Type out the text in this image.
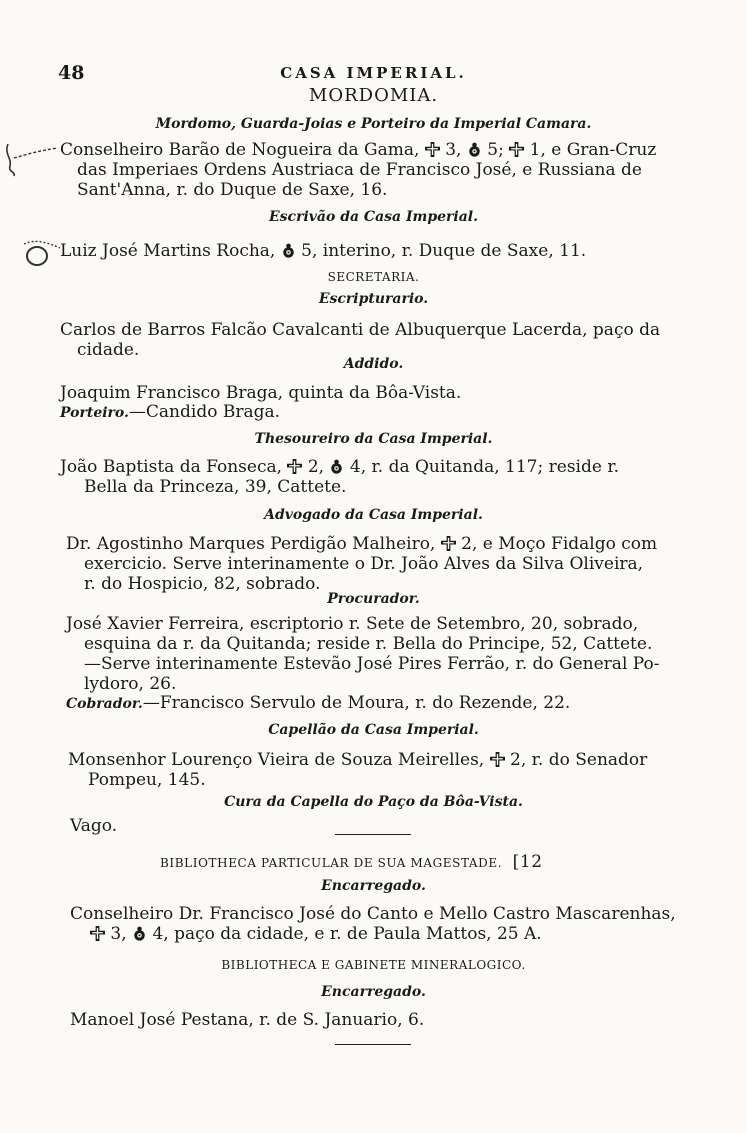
48	CASA IMPERIAL.
MORDOMIA.
Mordomo, Guarda-Joias e Porteiro da Imperial Camara.
Conselheiro Barão de Nogueira da Gama, 3, 5; 1, e Gran-Cruz
das Imperiaes Ordens Austriaca de Francisco José, e Russiana de
Sant'Anna, r. do Duque de Saxe, 16.
Escrivão da Casa Imperial.
Luiz José Martins Rocha, 5, interino, r. Duque de Saxe, 11.
SECRETARIA.
Escripturario.
Carlos de Barros Falcão Cavalcanti de Albuquerque Lacerda, paço da
cidade.
Addido.
Joaquim Francisco Braga, quinta da Bôa-Vista.
Porteiro.—Candido Braga.
Thesoureiro da Casa Imperial.
João Baptista da Fonseca, 2, 4, r. da Quitanda, 117; reside r.
Bella da Princeza, 39, Cattete.
Advogado da Casa Imperial.
Dr. Agostinho Marques Perdigão Malheiro, 2, e Moço Fidalgo com
exercicio. Serve interinamente o Dr. João Alves da Silva Oliveira,
r. do Hospicio, 82, sobrado.
Procurador.
José Xavier Ferreira, escriptorio r. Sete de Setembro, 20, sobrado,
esquina da r. da Quitanda; reside r. Bella do Principe, 52, Cattete.
—Serve interinamente Estevão José Pires Ferrão, r. do General Po-
lydoro, 26.
Cobrador.—Francisco Servulo de Moura, r. do Rezende, 22.
Capellão da Casa Imperial.
Monsenhor Lourenço Vieira de Souza Meirelles, 2, r. do Senador
Pompeu, 145.
Cura da Capella do Paço da Bôa-Vista.
Vago.
BIBLIOTHECA PARTICULAR DE SUA MAGESTADE. [12
Encarregado.
Conselheiro Dr. Francisco José do Canto e Mello Castro Mascarenhas,
3, 4, paço da cidade, e r. de Paula Mattos, 25 A.
BIBLIOTHECA E GABINETE MINERALOGICO.
Encarregado.
Manoel José Pestana, r. de S. Januario, 6.
